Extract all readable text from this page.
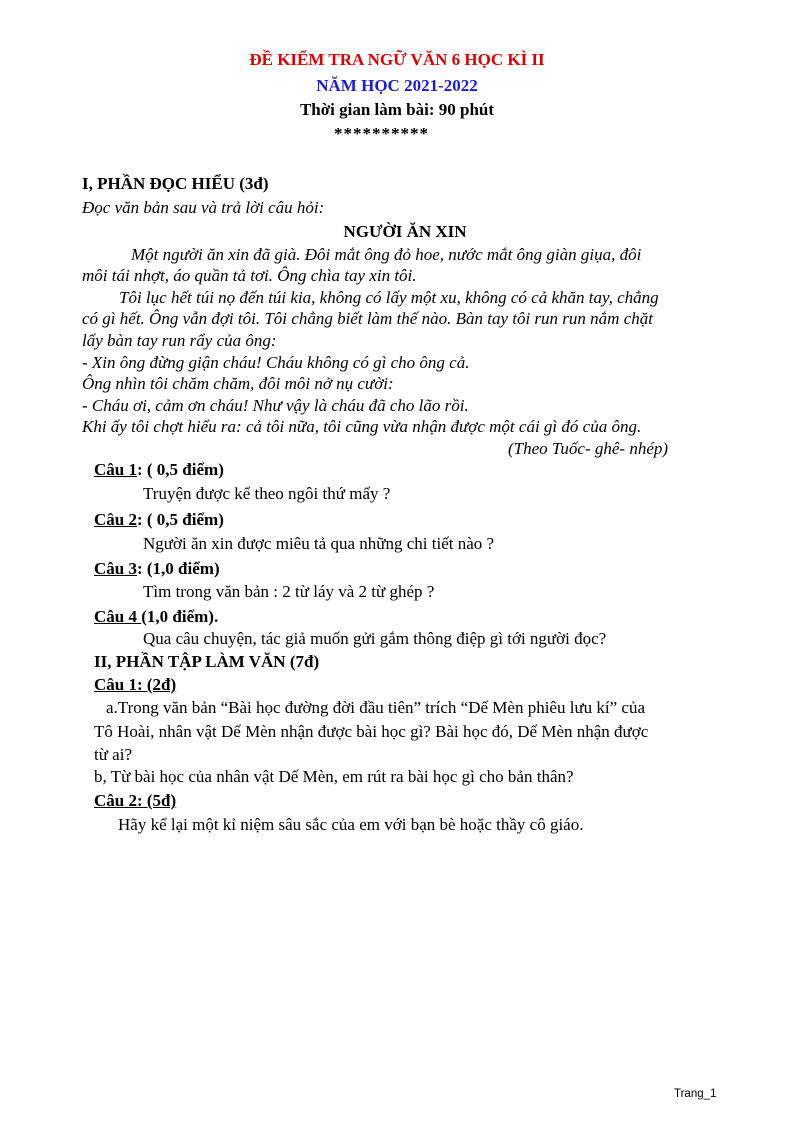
ĐỀ KIỂM TRA NGỮ VĂN 6 HỌC KÌ II
NĂM HỌC 2021-2022
Thời gian làm bài: 90 phút
**********
I, PHẦN ĐỌC HIỂU (3đ)
Đọc văn bản sau và trả lời câu hỏi:
NGƯỜI ĂN XIN
Một người ăn xin đã già. Đôi mắt ông đỏ hoe, nước mắt ông giàn giụa, đôi
môi tái nhợt, áo quần tả tơi. Ông chìa tay xin tôi.
Tôi lục hết túi nọ đến túi kia, không có lấy một xu, không có cả khăn tay, chẳng
có gì hết. Ông vẫn đợi tôi. Tôi chẳng biết làm thế nào. Bàn tay tôi run run nắm chặt
lấy bàn tay run rẩy của ông:
- Xin ông đừng giận cháu! Cháu không có gì cho ông cả.
Ông nhìn tôi chăm chăm, đôi môi nở nụ cười:
- Cháu ơi, cảm ơn cháu! Như vậy là cháu đã cho lão rồi.
Khi ấy tôi chợt hiểu ra: cả tôi nữa, tôi cũng vừa nhận được một cái gì đó của ông.
(Theo Tuốc- ghê- nhép)
Câu 1: ( 0,5 điểm)
Truyện được kể theo ngôi thứ mấy ?
Câu 2: ( 0,5 điểm)
Người ăn xin được miêu tả qua những chi tiết nào ?
Câu 3: (1,0 điểm)
Tìm trong văn bản : 2 từ láy và 2 từ ghép ?
Câu 4 (1,0 điểm).
Qua câu chuyện, tác giả muốn gửi gắm thông điệp gì tới người đọc?
II, PHẦN TẬP LÀM VĂN (7đ)
Câu 1: (2đ)
a.Trong văn bản “Bài học đường đời đầu tiên” trích “Dế Mèn phiêu lưu kí” của
Tô Hoài, nhân vật Dế Mèn nhận được bài học gì? Bài học đó, Dế Mèn nhận được
từ ai?
b, Từ bài học của nhân vật Dế Mèn, em rút ra bài học gì cho bản thân?
Câu 2: (5đ)
Hãy kể lại một kỉ niệm sâu sắc của em với bạn bè hoặc thầy cô giáo.
Trang_1
